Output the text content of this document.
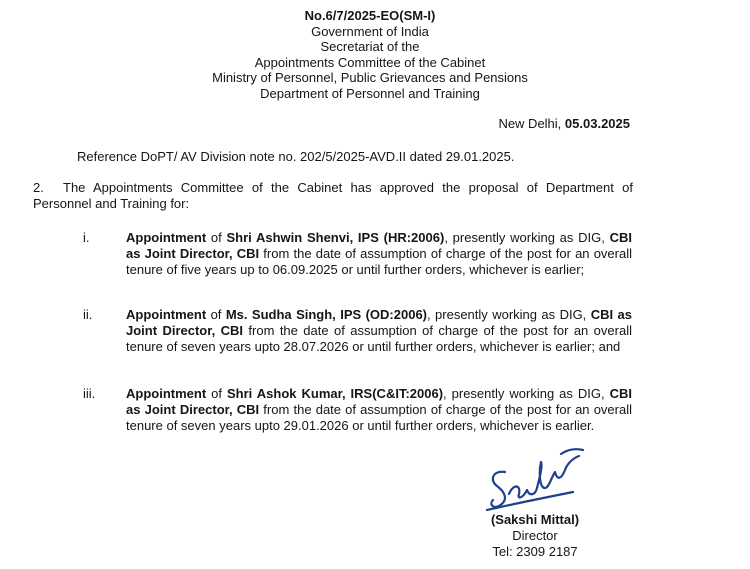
No.6/7/2025-EO(SM-I)
Government of India
Secretariat of the
Appointments Committee of the Cabinet
Ministry of Personnel, Public Grievances and Pensions
Department of Personnel and Training
New Delhi, 05.03.2025
Reference DoPT/ AV Division note no. 202/5/2025-AVD.II dated 29.01.2025.
2. The Appointments Committee of the Cabinet has approved the proposal of Department of Personnel and Training for:
i.	Appointment of Shri Ashwin Shenvi, IPS (HR:2006), presently working as DIG, CBI as Joint Director, CBI from the date of assumption of charge of the post for an overall tenure of five years up to 06.09.2025 or until further orders, whichever is earlier;
ii.	Appointment of Ms. Sudha Singh, IPS (OD:2006), presently working as DIG, CBI as Joint Director, CBI from the date of assumption of charge of the post for an overall tenure of seven years upto 28.07.2026 or until further orders, whichever is earlier; and
iii.	Appointment of Shri Ashok Kumar, IRS(C&IT:2006), presently working as DIG, CBI as Joint Director, CBI from the date of assumption of charge of the post for an overall tenure of seven years upto 29.01.2026 or until further orders, whichever is earlier.
(Sakshi Mittal)
Director
Tel: 2309 2187
